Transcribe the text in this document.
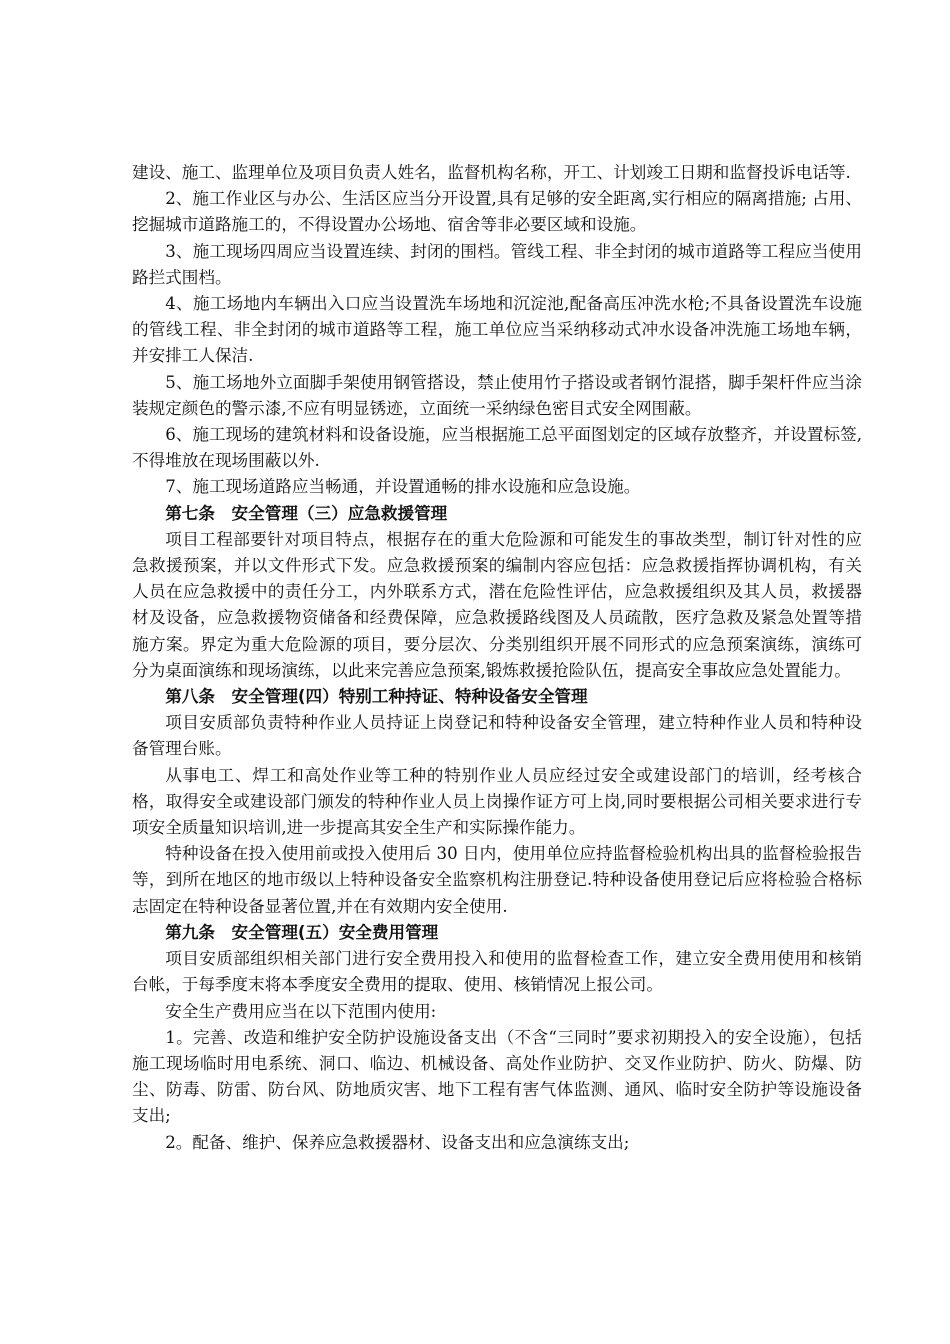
建设、施工、监理单位及项目负责人姓名，监督机构名称，开工、计划竣工日期和监督投诉电话等.

2、施工作业区与办公、生活区应当分开设置,具有足够的安全距离,实行相应的隔离措施; 占用、挖掘城市道路施工的，不得设置办公场地、宿舍等非必要区域和设施。

3、施工现场四周应当设置连续、封闭的围档。管线工程、非全封闭的城市道路等工程应当使用路拦式围档。

4、施工场地内车辆出入口应当设置洗车场地和沉淀池,配备高压冲洗水枪;不具备设置洗车设施的管线工程、非全封闭的城市道路等工程，施工单位应当采纳移动式冲水设备冲洗施工场地车辆，并安排工人保洁.

5、施工场地外立面脚手架使用钢管搭设，禁止使用竹子搭设或者钢竹混搭，脚手架杆件应当涂装规定颜色的警示漆,不应有明显锈迹，立面统一采纳绿色密目式安全网围蔽。

6、施工现场的建筑材料和设备设施，应当根据施工总平面图划定的区域存放整齐，并设置标签,不得堆放在现场围蔽以外.

7、施工现场道路应当畅通，并设置通畅的排水设施和应急设施。

第七条　安全管理（三）应急救援管理

项目工程部要针对项目特点，根据存在的重大危险源和可能发生的事故类型，制订针对性的应急救援预案，并以文件形式下发。应急救援预案的编制内容应包括：应急救援指挥协调机构，有关人员在应急救援中的责任分工，内外联系方式，潜在危险性评估，应急救援组织及其人员，救援器材及设备，应急救援物资储备和经费保障，应急救援路线图及人员疏散，医疗急救及紧急处置等措施方案。界定为重大危险源的项目，要分层次、分类别组织开展不同形式的应急预案演练，演练可分为桌面演练和现场演练，以此来完善应急预案,锻炼救援抢险队伍，提高安全事故应急处置能力。

第八条　安全管理(四）特别工种持证、特种设备安全管理

项目安质部负责特种作业人员持证上岗登记和特种设备安全管理，建立特种作业人员和特种设备管理台账。

从事电工、焊工和高处作业等工种的特别作业人员应经过安全或建设部门的培训，经考核合格，取得安全或建设部门颁发的特种作业人员上岗操作证方可上岗,同时要根据公司相关要求进行专项安全质量知识培训,进一步提高其安全生产和实际操作能力。

特种设备在投入使用前或投入使用后 30 日内，使用单位应持监督检验机构出具的监督检验报告等，到所在地区的地市级以上特种设备安全监察机构注册登记.特种设备使用登记后应将检验合格标志固定在特种设备显著位置,并在有效期内安全使用.

第九条　安全管理(五）安全费用管理

项目安质部组织相关部门进行安全费用投入和使用的监督检查工作，建立安全费用使用和核销台帐，于每季度末将本季度安全费用的提取、使用、核销情况上报公司。

安全生产费用应当在以下范围内使用:

1。完善、改造和维护安全防护设施设备支出（不含“三同时”要求初期投入的安全设施），包括施工现场临时用电系统、洞口、临边、机械设备、高处作业防护、交叉作业防护、防火、防爆、防尘、防毒、防雷、防台风、防地质灾害、地下工程有害气体监测、通风、临时安全防护等设施设备支出;

2。配备、维护、保养应急救援器材、设备支出和应急演练支出;
